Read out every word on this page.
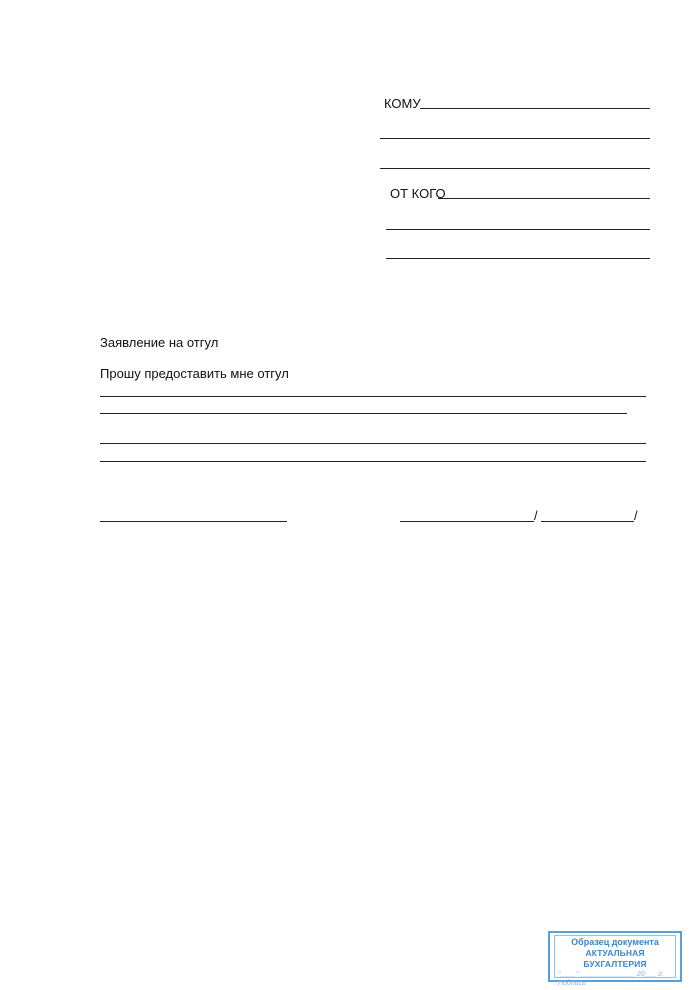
КОМУ
ОТ КОГО
Заявление на отгул
Прошу предоставить мне отгул
/	/
Образец документа
АКТУАЛЬНАЯ БУХГАЛТЕРИЯ
"____" ______________ 20___ г.
Подпись
